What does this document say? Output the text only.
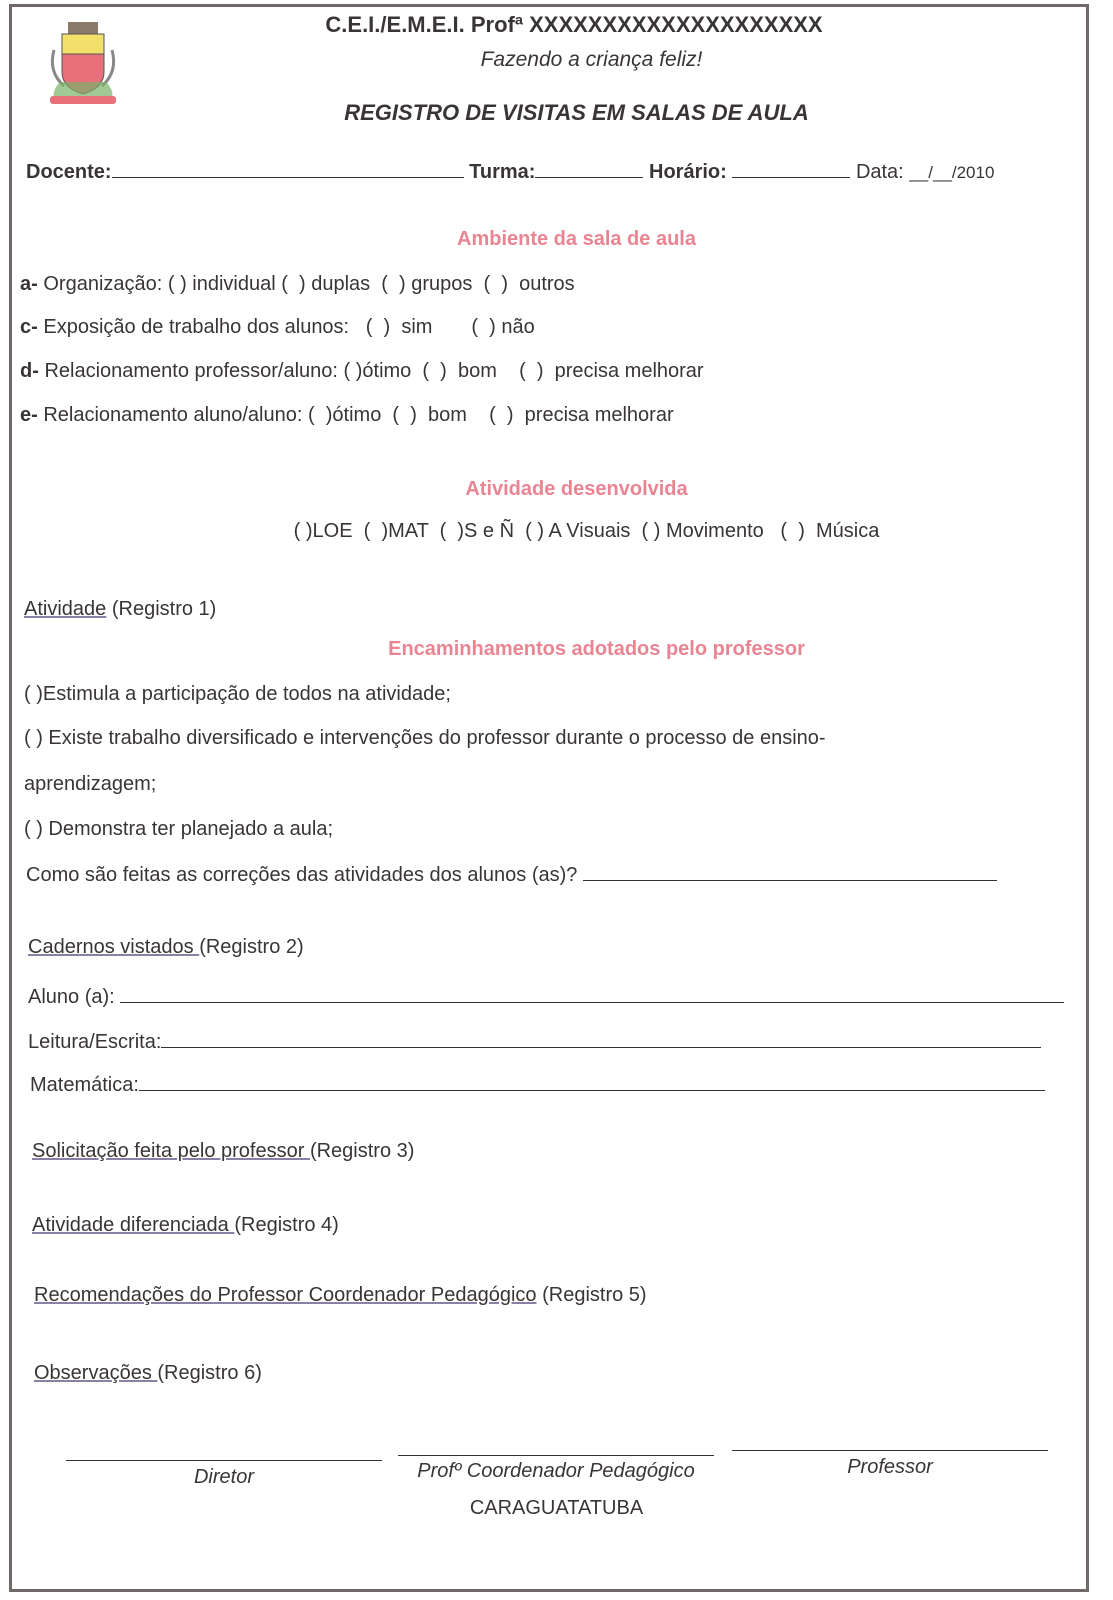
C.E.I./E.M.E.I. Profª XXXXXXXXXXXXXXXXXXXX
Fazendo a criança feliz!
REGISTRO DE VISITAS EM SALAS DE AULA
Docente:	Turma:	Horário:	Data: __/__/2010
Ambiente da sala de aula
a- Organização: ( ) individual (  ) duplas  (  ) grupos  (  )  outros
c- Exposição de trabalho dos alunos:   (  )  sim       (  ) não
d- Relacionamento professor/aluno: ( )ótimo  (  )  bom    (  )  precisa melhorar
e- Relacionamento aluno/aluno: (  )ótimo  (  )  bom    (  )  precisa melhorar
Atividade desenvolvida
( )LOE  (  )MAT  (  )S e Ñ  ( ) A Visuais  ( ) Movimento   (  )  Música
Atividade (Registro 1)
Encaminhamentos adotados pelo professor
( )Estimula a participação de todos na atividade;
( ) Existe trabalho diversificado e intervenções do professor durante o processo de ensino-
aprendizagem;
( ) Demonstra ter planejado a aula;
Como são feitas as correções das atividades dos alunos (as)?
Cadernos vistados (Registro 2)
Aluno (a):
Leitura/Escrita:
Matemática:
Solicitação feita pelo professor (Registro 3)
Atividade diferenciada (Registro 4)
Recomendações do Professor Coordenador Pedagógico (Registro 5)
Observações (Registro 6)
Diretor	Profº Coordenador Pedagógico	Professor
CARAGUATATUBA
